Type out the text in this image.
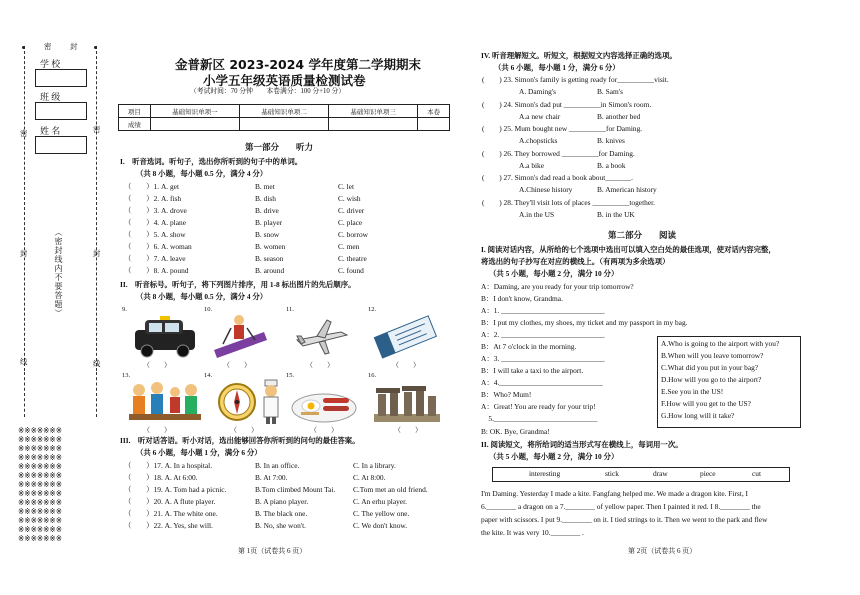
密	封
学 校
班 级
姓 名
密	密
封	封
线	线
（密封线内不要答题）
※※※※※※※
※※※※※※※
※※※※※※※
※※※※※※※
※※※※※※※
※※※※※※※
※※※※※※※
※※※※※※※
※※※※※※※
※※※※※※※
※※※※※※※
※※※※※※※
※※※※※※※
金普新区 2023-2024 学年度第二学期期末
小学五年级英语质量检测试卷
（考试时间：70 分钟　　本卷满分：100 分+10 分）
项目	基础知识单项一	基础知识单项二	基础知识单项三	本卷
成绩				
第一部分　　听力
I.　听音选词。听句子，选出你所听到的句子中的单词。
（共 8 小题，每小题 0.5 分，满分 4 分）
（　　）1. A. get	B. met	C. let
（　　）2. A. fish	B. dish	C. wish
（　　）3. A. drove	B. drive	C. driver
（　　）4. A. plane	B. player	C. place
（　　）5. A. show	B. snow	C. borrow
（　　）6. A. woman	B. women	C. men
（　　）7. A. leave	B. season	C. theatre
（　　）8. A. pound	B. around	C. found
II.　听音标号。听句子，将下列图片排序，用 1-8 标出图片的先后顺序。
（共 8 小题，每小题 0.5 分，满分 4 分）
9.	10.	11.	12.
（　　）	（　　）	（　　）	（　　）
13.	14.	15.	16.
（　　）	（　　）	（　　）	（　　）
III.　听对话答语。听小对话，选出能够回答你所听到的问句的最佳答案。
（共 6 小题，每小题 1 分，满分 6 分）
（　　）17. A. In a hospital.	B. In an office.	C. In a library.
（　　）18. A. At 6:00.	B. At 7:00.	C. At 8:00.
（　　）19. A. Tom had a picnic.	B.Tom climbed Mount Tai. C.Tom met an old friend.
（　　）20. A. A flute player.	B. A piano player.	C. An erhu player.
（　　）21. A. The white one.	B. The black one.	C. The yellow one.
（　　）22. A. Yes, she will.	B. No, she won't.	C. We don't know.
第 1页（试卷共 6 页）
IV. 听音理解短文。听短文，根据短文内容选择正确的选项。
（共 6 小题，每小题 1 分，满分 6 分）
(　　) 23. Simon's family is getting ready for__________visit.
A. Daming's	B. Sam's
(　　) 24. Simon's dad put __________in Simon's room.
A.a new chair	B. another bed
(　　) 25. Mum bought new __________for Daming.
A.chopsticks	B. knives
(　　) 26. They borrowed __________for Daming.
A.a bike	B. a book
(　　) 27. Simon's dad read a book about_______.
A.Chinese history	B. American history
(　　) 28. They'll visit lots of places __________together.
A.in the US	B. in the UK
第二部分　　阅读
I. 阅读对话内容，从所给的七个选项中选出可以填入空白处的最佳选项，使对话内容完整，
将选出的句子抄写在对应的横线上。（有两项为多余选项）
（共 5 小题，每小题 2 分，满分 10 分）
A：Daming, are you ready for your trip tomorrow?
B：I don't know, Grandma.
A：1. ____________________________
B：I put my clothes, my shoes, my ticket and my passport in my bag.
A：2. ____________________________
B：At 7 o'clock in the morning.
A：3. ____________________________
B：I will take a taxi to the airport.
A：4.____________________________
B：Who? Mum!
A：Great! You are ready for your trip!
　5.____________________________
B: OK. Bye, Grandma!
A.Who is going to the airport with you?
B.When will you leave tomorrow?
C.What did you put in your bag?
D.How will you go to the airport?
E.See you in the US!
F.How will you get to the US?
G.How long will it take?
II. 阅读短文，将所给词的适当形式写在横线上，每词用一次。
（共 5 小题，每小题 2 分，满分 10 分）
interesting	stick	draw	piece	cut
I'm Daming. Yesterday I made a kite. Fangfang helped me. We made a dragon kite. First, I
6.________ a dragon on a 7.________ of yellow paper. Then I painted it red. I 8.________ the
paper with scissors. I put 9.________ on it. I tied strings to it. Then we went to the park and flew
the kite. It was very 10.________ .
第 2页（试卷共 6 页）
